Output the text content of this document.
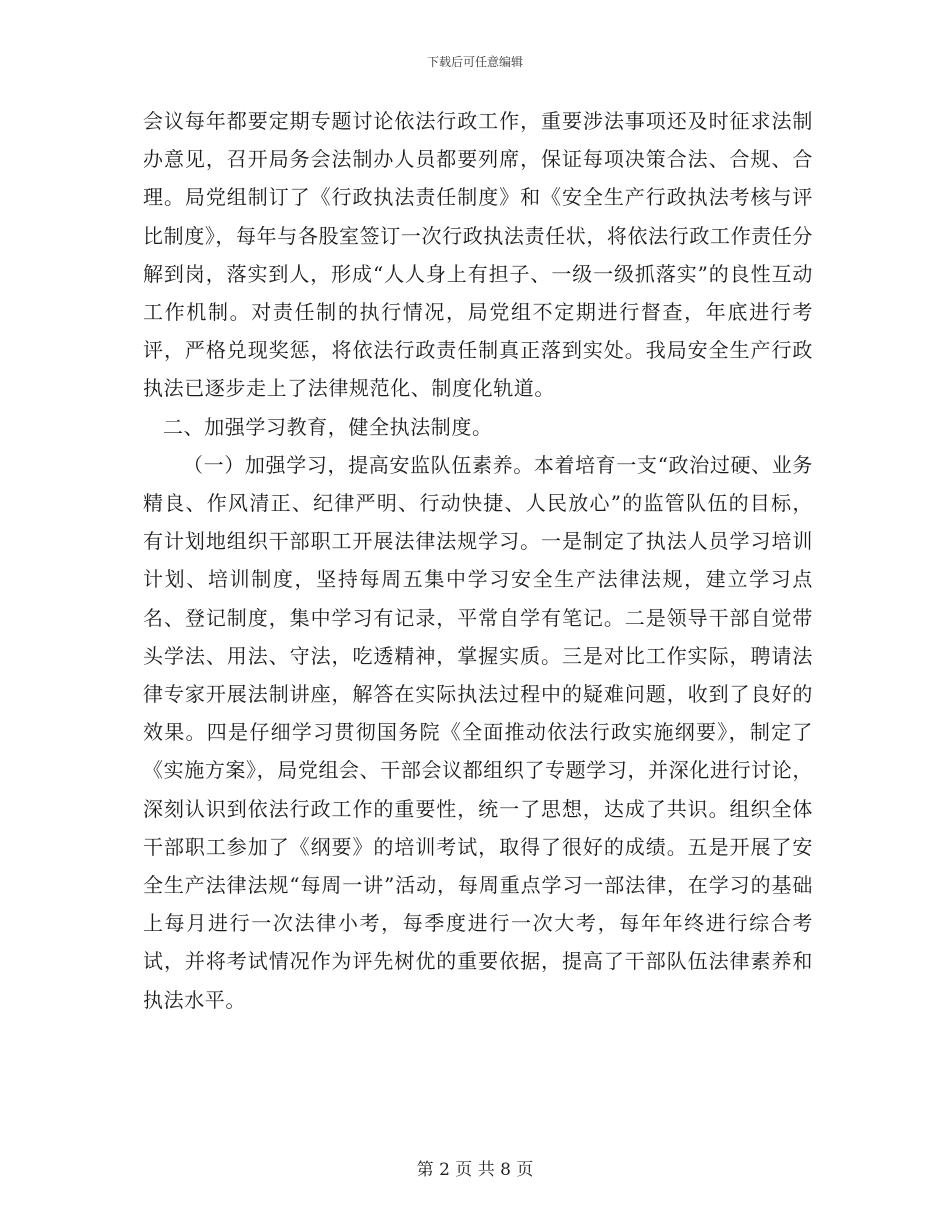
下载后可任意编辑

会议每年都要定期专题讨论依法行政工作，重要涉法事项还及时征求法制办意见，召开局务会法制办人员都要列席，保证每项决策合法、合规、合理。局党组制订了《行政执法责任制度》和《安全生产行政执法考核与评比制度》，每年与各股室签订一次行政执法责任状，将依法行政工作责任分解到岗，落实到人，形成“人人身上有担子、一级一级抓落实”的良性互动工作机制。对责任制的执行情况，局党组不定期进行督查，年底进行考评，严格兑现奖惩，将依法行政责任制真正落到实处。我局安全生产行政执法已逐步走上了法律规范化、制度化轨道。

二、加强学习教育，健全执法制度。

（一）加强学习，提高安监队伍素养。本着培育一支“政治过硬、业务精良、作风清正、纪律严明、行动快捷、人民放心”的监管队伍的目标，有计划地组织干部职工开展法律法规学习。一是制定了执法人员学习培训计划、培训制度，坚持每周五集中学习安全生产法律法规，建立学习点名、登记制度，集中学习有记录，平常自学有笔记。二是领导干部自觉带头学法、用法、守法，吃透精神，掌握实质。三是对比工作实际，聘请法律专家开展法制讲座，解答在实际执法过程中的疑难问题，收到了良好的效果。四是仔细学习贯彻国务院《全面推动依法行政实施纲要》，制定了《实施方案》，局党组会、干部会议都组织了专题学习，并深化进行讨论，深刻认识到依法行政工作的重要性，统一了思想，达成了共识。组织全体干部职工参加了《纲要》的培训考试，取得了很好的成绩。五是开展了安全生产法律法规“每周一讲”活动，每周重点学习一部法律，在学习的基础上每月进行一次法律小考，每季度进行一次大考，每年年终进行综合考试，并将考试情况作为评先树优的重要依据，提高了干部队伍法律素养和执法水平。

第 2 页 共 8 页
